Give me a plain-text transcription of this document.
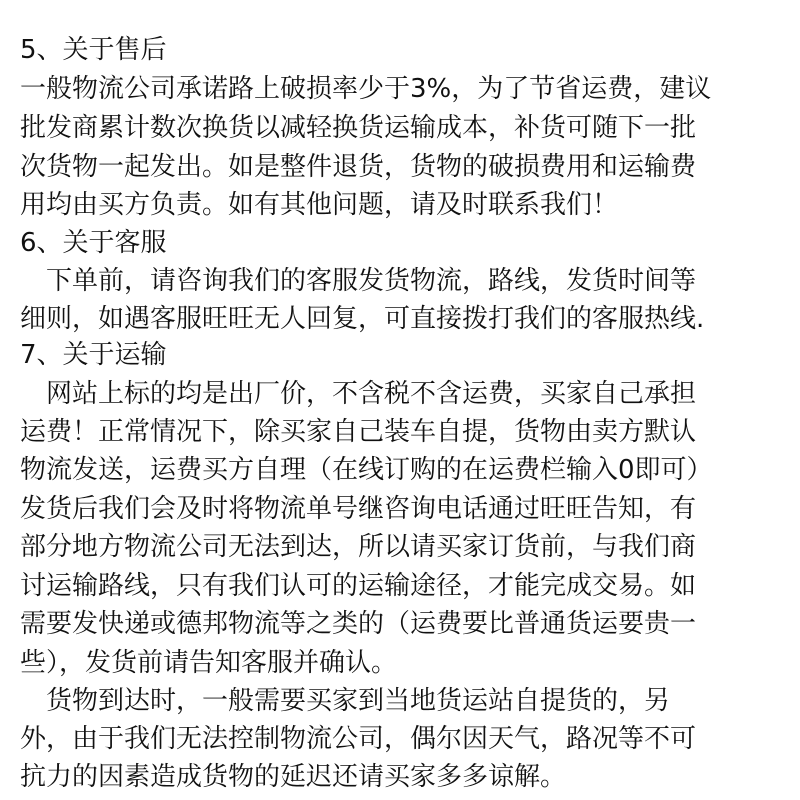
5、关于售后
一般物流公司承诺路上破损率少于3%，为了节省运费，建议
批发商累计数次换货以减轻换货运输成本，补货可随下一批
次货物一起发出。如是整件退货，货物的破损费用和运输费
用均由买方负责。如有其他问题，请及时联系我们！
6、关于客服
　下单前，请咨询我们的客服发货物流，路线，发货时间等
细则，如遇客服旺旺无人回复，可直接拨打我们的客服热线.
7、关于运输
　网站上标的均是出厂价，不含税不含运费，买家自己承担
运费！正常情况下，除买家自己装车自提，货物由卖方默认
物流发送，运费买方自理（在线订购的在运费栏输入0即可）
发货后我们会及时将物流单号继咨询电话通过旺旺告知，有
部分地方物流公司无法到达，所以请买家订货前，与我们商
讨运输路线，只有我们认可的运输途径，才能完成交易。如
需要发快递或德邦物流等之类的（运费要比普通货运要贵一
些），发货前请告知客服并确认。
　货物到达时，一般需要买家到当地货运站自提货的，另
外，由于我们无法控制物流公司，偶尔因天气，路况等不可
抗力的因素造成货物的延迟还请买家多多谅解。
